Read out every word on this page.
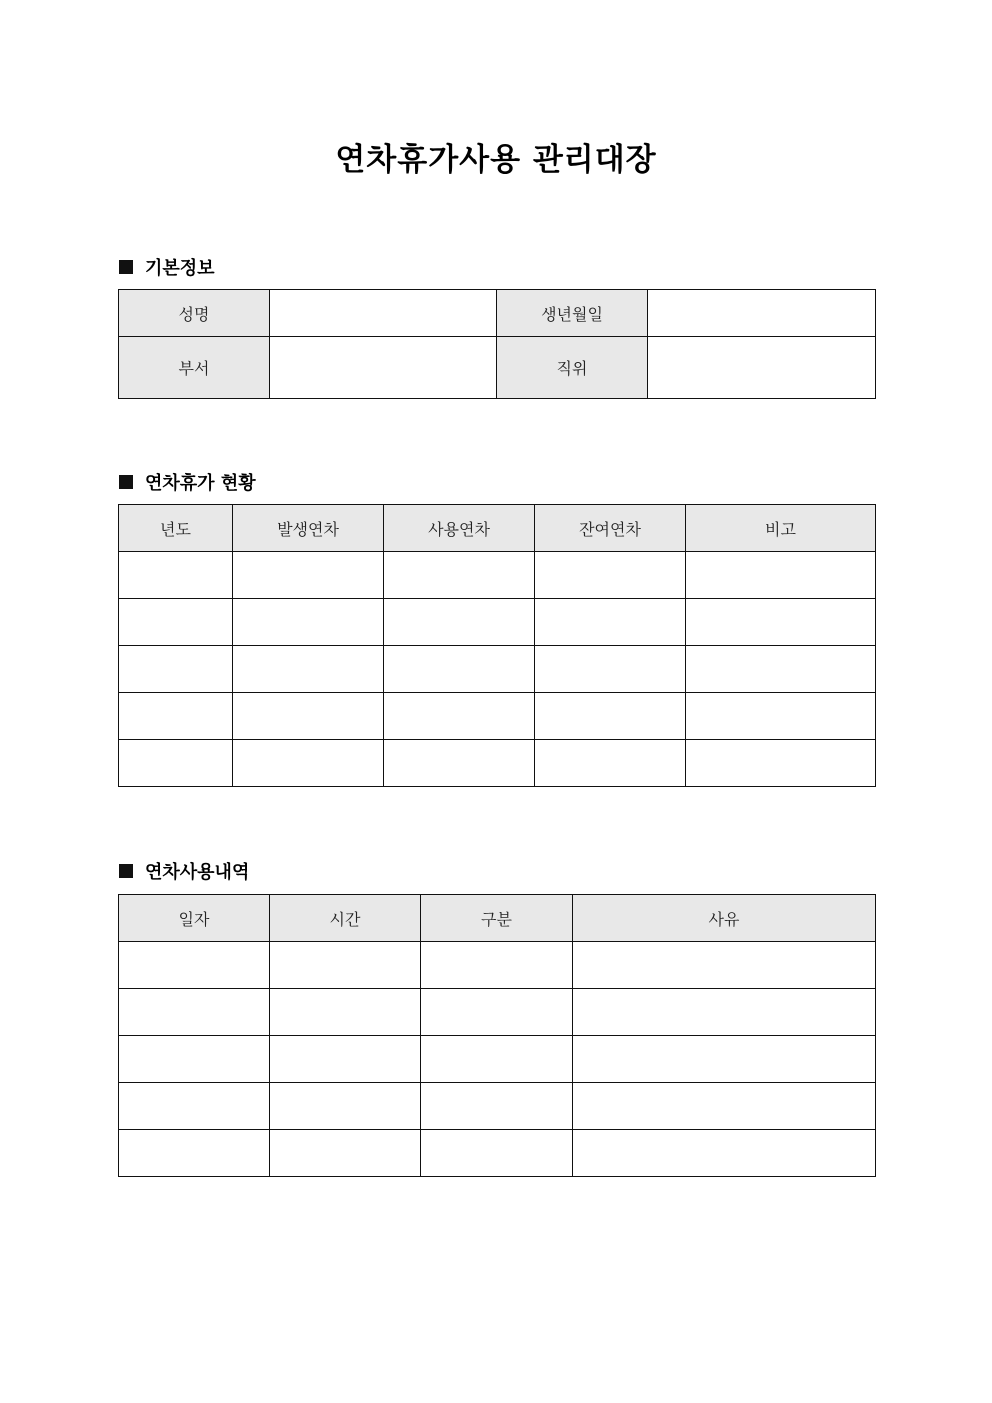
연차휴가사용 관리대장
기본정보
성명		생년월일	
부서		직위	
연차휴가 현황
년도	발생연차	사용연차	잔여연차	비고

연차사용내역
일자	시간	구분	사유
